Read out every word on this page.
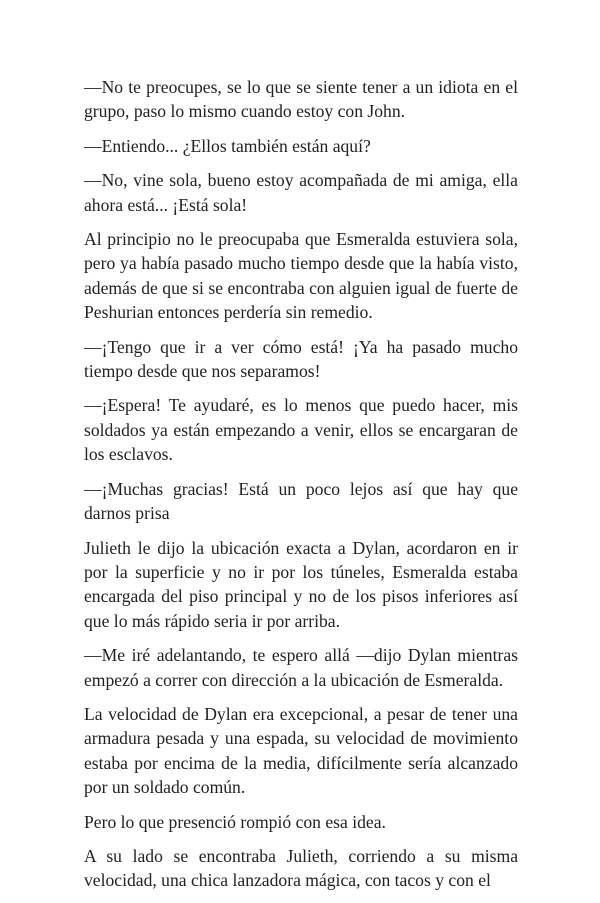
—No te preocupes, se lo que se siente tener a un idiota en el grupo, paso lo mismo cuando estoy con John.

—Entiendo... ¿Ellos también están aquí?

—No, vine sola, bueno estoy acompañada de mi amiga, ella ahora está... ¡Está sola!

Al principio no le preocupaba que Esmeralda estuviera sola, pero ya había pasado mucho tiempo desde que la había visto, además de que si se encontraba con alguien igual de fuerte de Peshurian entonces perdería sin remedio.

—¡Tengo que ir a ver cómo está! ¡Ya ha pasado mucho tiempo desde que nos separamos!

—¡Espera! Te ayudaré, es lo menos que puedo hacer, mis soldados ya están empezando a venir, ellos se encargaran de los esclavos.

—¡Muchas gracias! Está un poco lejos así que hay que darnos prisa

Julieth le dijo la ubicación exacta a Dylan, acordaron en ir por la superficie y no ir por los túneles, Esmeralda estaba encargada del piso principal y no de los pisos inferiores así que lo más rápido seria ir por arriba.

—Me iré adelantando, te espero allá —dijo Dylan mientras empezó a correr con dirección a la ubicación de Esmeralda.

La velocidad de Dylan era excepcional, a pesar de tener una armadura pesada y una espada, su velocidad de movimiento estaba por encima de la media, difícilmente sería alcanzado por un soldado común.

Pero lo que presenció rompió con esa idea.

A su lado se encontraba Julieth, corriendo a su misma velocidad, una chica lanzadora mágica, con tacos y con el
